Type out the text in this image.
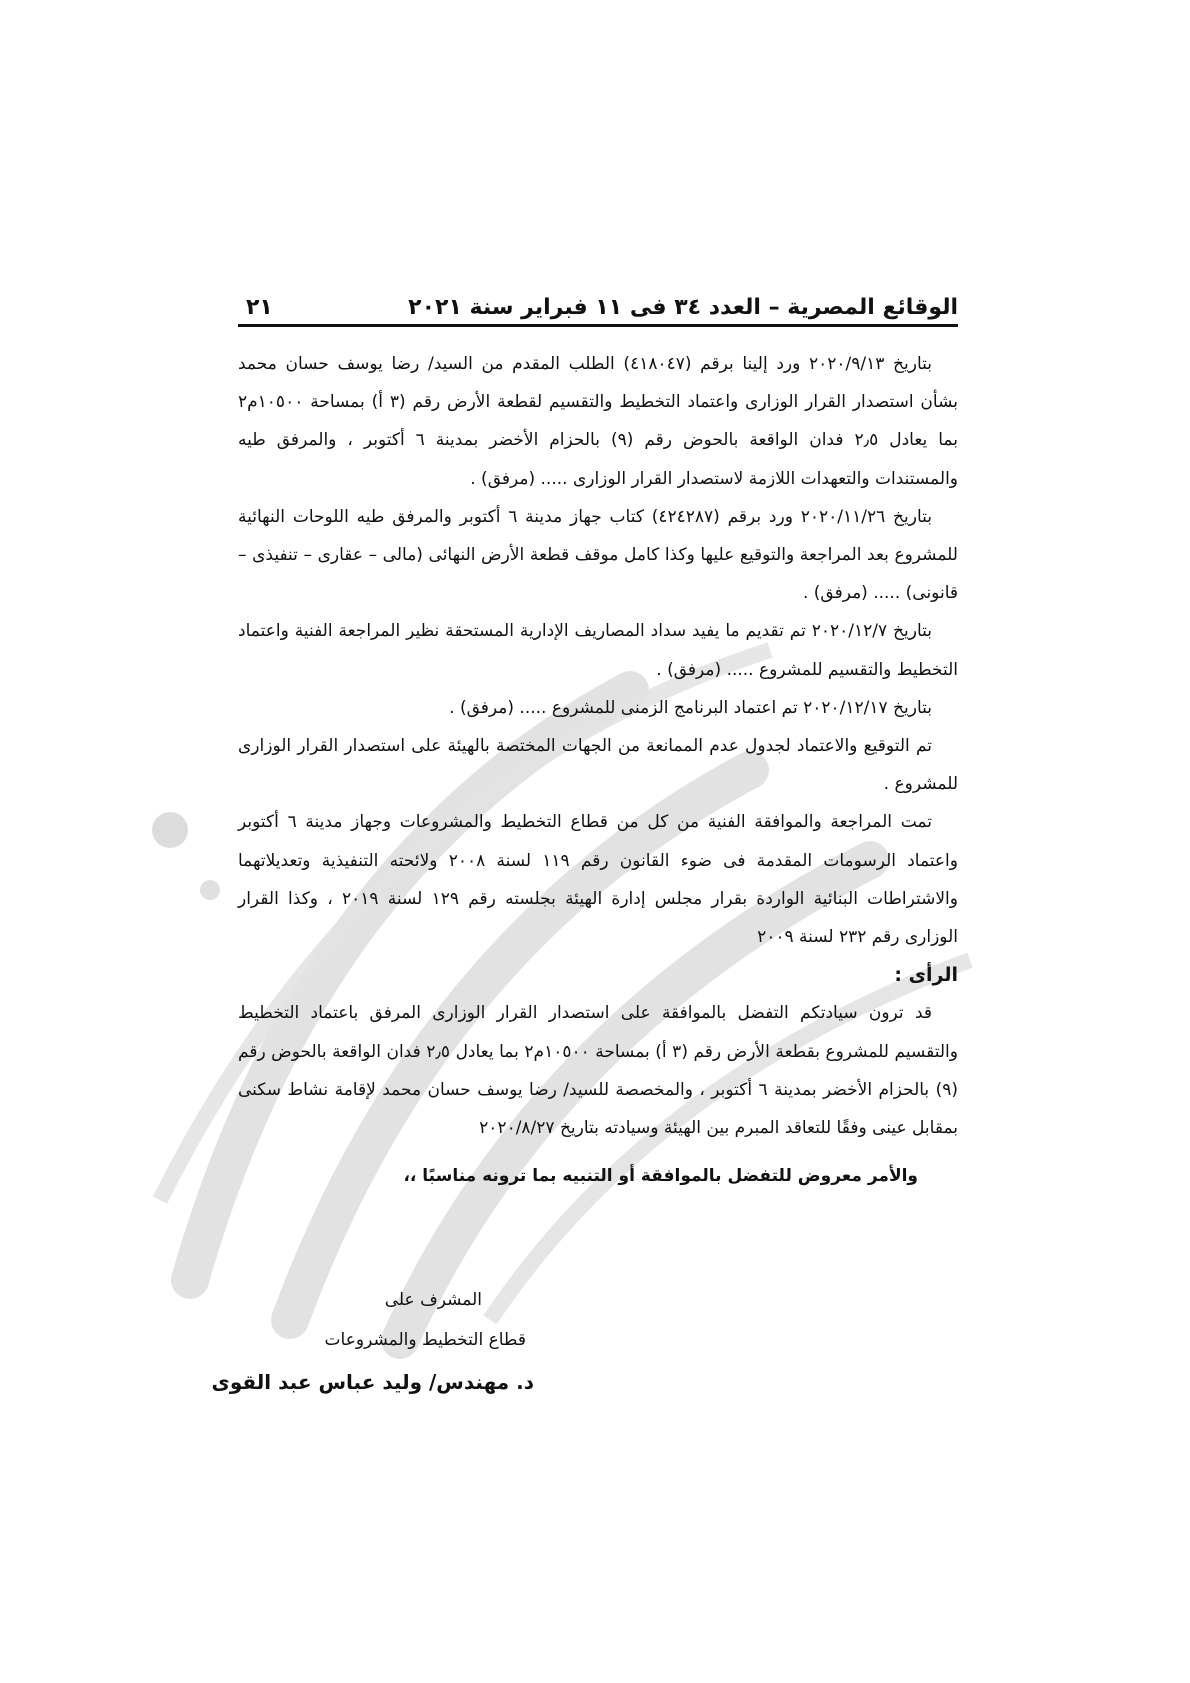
الوقائع المصرية – العدد ٣٤ فى ١١ فبراير سنة ٢٠٢١
٢١

بتاريخ ٢٠٢٠/٩/١٣ ورد إلينا برقم (٤١٨٠٤٧) الطلب المقدم من السيد/ رضا يوسف حسان محمد بشأن استصدار القرار الوزارى واعتماد التخطيط والتقسيم لقطعة الأرض رقم (٣ أ) بمساحة ١٠٥٠٠م٢ بما يعادل ٢٫٥ فدان الواقعة بالحوض رقم (٩) بالحزام الأخضر بمدينة ٦ أكتوبر ، والمرفق طيه والمستندات والتعهدات اللازمة لاستصدار القرار الوزارى ..... (مرفق) .

بتاريخ ٢٠٢٠/١١/٢٦ ورد برقم (٤٢٤٢٨٧) كتاب جهاز مدينة ٦ أكتوبر والمرفق طيه اللوحات النهائية للمشروع بعد المراجعة والتوقيع عليها وكذا كامل موقف قطعة الأرض النهائى (مالى – عقارى – تنفيذى – قانونى) ..... (مرفق) .

بتاريخ ٢٠٢٠/١٢/٧ تم تقديم ما يفيد سداد المصاريف الإدارية المستحقة نظير المراجعة الفنية واعتماد التخطيط والتقسيم للمشروع ..... (مرفق) .

بتاريخ ٢٠٢٠/١٢/١٧ تم اعتماد البرنامج الزمنى للمشروع ..... (مرفق) .

تم التوقيع والاعتماد لجدول عدم الممانعة من الجهات المختصة بالهيئة على استصدار القرار الوزارى للمشروع .

تمت المراجعة والموافقة الفنية من كل من قطاع التخطيط والمشروعات وجهاز مدينة ٦ أكتوبر واعتماد الرسومات المقدمة فى ضوء القانون رقم ١١٩ لسنة ٢٠٠٨ ولائحته التنفيذية وتعديلاتهما والاشتراطات البنائية الواردة بقرار مجلس إدارة الهيئة بجلسته رقم ١٢٩ لسنة ٢٠١٩ ، وكذا القرار الوزارى رقم ٢٣٢ لسنة ٢٠٠٩

الرأى :

قد ترون سيادتكم التفضل بالموافقة على استصدار القرار الوزارى المرفق باعتماد التخطيط والتقسيم للمشروع بقطعة الأرض رقم (٣ أ) بمساحة ١٠٥٠٠م٢ بما يعادل ٢٫٥ فدان الواقعة بالحوض رقم (٩) بالحزام الأخضر بمدينة ٦ أكتوبر ، والمخصصة للسيد/ رضا يوسف حسان محمد لإقامة نشاط سكنى بمقابل عينى وفقًا للتعاقد المبرم بين الهيئة وسيادته بتاريخ ٢٠٢٠/٨/٢٧

والأمر معروض للتفضل بالموافقة أو التنبيه بما ترونه مناسبًا ،،

المشرف على
قطاع التخطيط والمشروعات
د. مهندس/ وليد عباس عبد القوى
